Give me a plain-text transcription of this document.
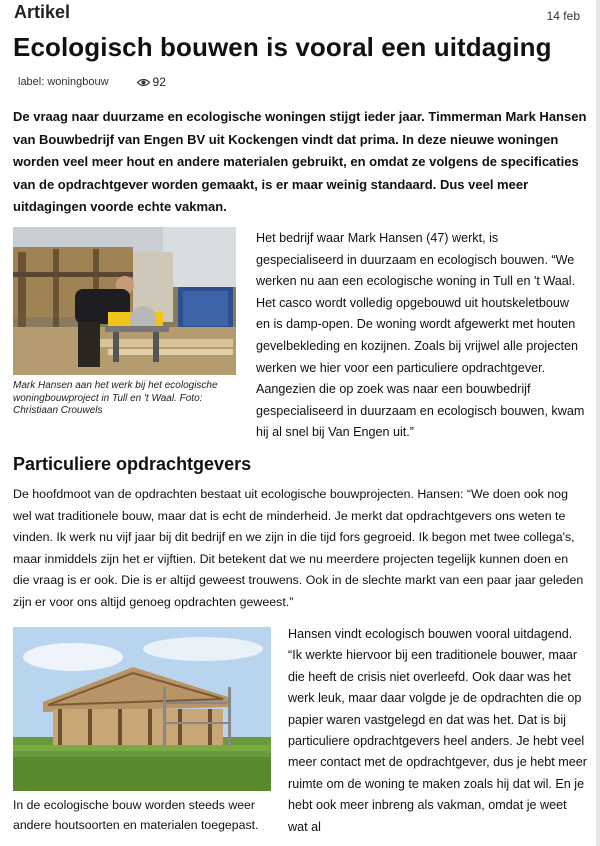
Artikel	14 feb
Ecologisch bouwen is vooral een uitdaging
label: woningbouw	92

De vraag naar duurzame en ecologische woningen stijgt ieder jaar. Timmerman Mark Hansen van Bouwbedrijf van Engen BV uit Kockengen vindt dat prima. In deze nieuwe woningen worden veel meer hout en andere materialen gebruikt, en omdat ze volgens de specificaties van de opdrachtgever worden gemaakt, is er maar weinig standaard. Dus veel meer uitdagingen voorde echte vakman.

Mark Hansen aan het werk bij het ecologische woningbouwproject in Tull en 't Waal. Foto: Christiaan Crouwels

Het bedrijf waar Mark Hansen (47) werkt, is gespecialiseerd in duurzaam en ecologisch bouwen. “We werken nu aan een ecologische woning in Tull en 't Waal. Het casco wordt volledig opgebouwd uit houtskeletbouw en is damp-open. De woning wordt afgewerkt met houten gevelbekleding en kozijnen. Zoals bij vrijwel alle projecten werken we hier voor een particuliere opdrachtgever. Aangezien die op zoek was naar een bouwbedrijf gespecialiseerd in duurzaam en ecologisch bouwen, kwam hij al snel bij Van Engen uit.”

Particuliere opdrachtgevers

De hoofdmoot van de opdrachten bestaat uit ecologische bouwprojecten. Hansen: “We doen ook nog wel wat traditionele bouw, maar dat is echt de minderheid. Je merkt dat opdrachtgevers ons weten te vinden. Ik werk nu vijf jaar bij dit bedrijf en we zijn in die tijd fors gegroeid. Ik begon met twee collega's, maar inmiddels zijn het er vijftien. Dit betekent dat we nu meerdere projecten tegelijk kunnen doen en die vraag is er ook. Die is er altijd geweest trouwens. Ook in de slechte markt van een paar jaar geleden zijn er voor ons altijd genoeg opdrachten geweest.”

In de ecologische bouw worden steeds weer andere houtsoorten en materialen toegepast.

Hansen vindt ecologisch bouwen vooral uitdagend. “Ik werkte hiervoor bij een traditionele bouwer, maar die heeft de crisis niet overleefd. Ook daar was het werk leuk, maar daar volgde je de opdrachten die op papier waren vastgelegd en dat was het. Dat is bij particuliere opdrachtgevers heel anders. Je hebt veel meer contact met de opdrachtgever, dus je hebt meer ruimte om de woning te maken zoals hij dat wil. En je hebt ook meer inbreng als vakman, omdat je weet wat al
